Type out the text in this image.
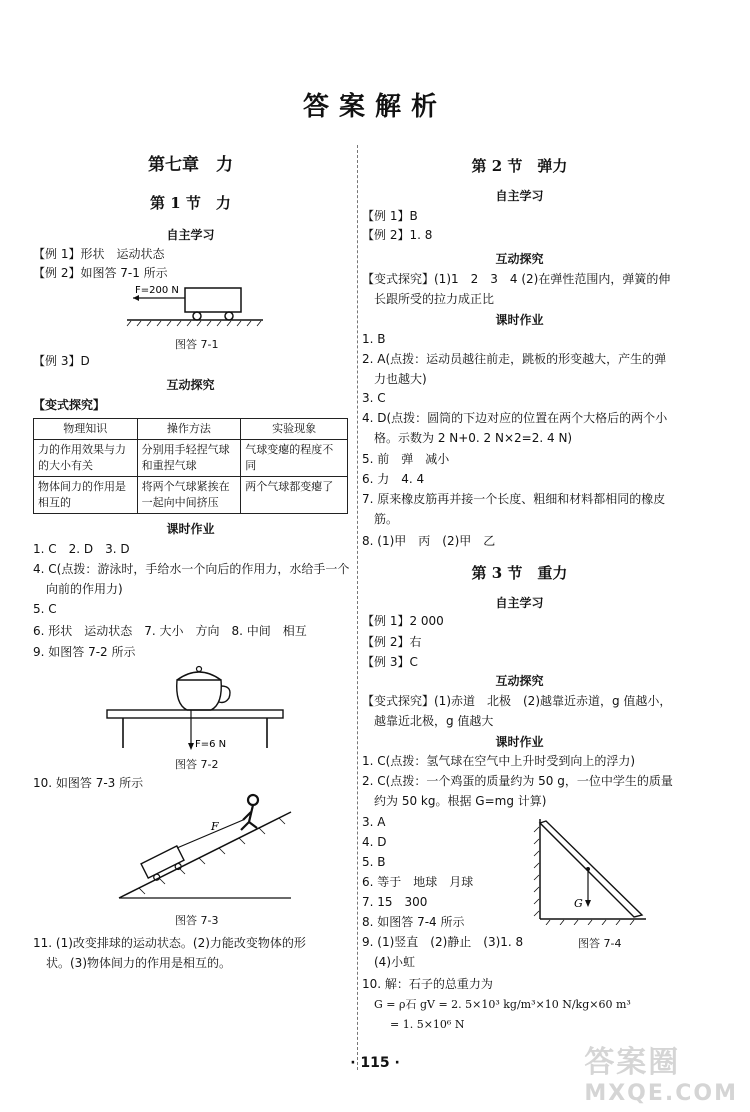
答案解析
第七章　力
第 1 节　力
自主学习
【例 1】形状　运动状态
【例 2】如图答 7-1 所示
F=200 N
图答 7-1
【例 3】D
互动探究
【变式探究】
物理知识	操作方法	实验现象
力的作用效果与力的大小有关	分别用手轻捏气球和重捏气球	气球变瘪的程度不同
物体间力的作用是相互的	将两个气球紧挨在一起向中间挤压	两个气球都变瘪了
课时作业
1. C　2. D　3. D
4. C(点拨：游泳时，手给水一个向后的作用力，水给手一个
向前的作用力)
5. C
6. 形状　运动状态　7. 大小　方向　8. 中间　相互
9. 如图答 7-2 所示
F=6 N
图答 7-2
10. 如图答 7-3 所示
F
图答 7-3
11. (1)改变排球的运动状态。(2)力能改变物体的形
状。(3)物体间力的作用是相互的。
第 2 节　弹力
自主学习
【例 1】B
【例 2】1. 8
互动探究
【变式探究】(1)1　2　3　4 (2)在弹性范围内，弹簧的伸
长跟所受的拉力成正比
课时作业
1. B
2. A(点拨：运动员越往前走，跳板的形变越大，产生的弹
力也越大)
3. C
4. D(点拨：圆筒的下边对应的位置在两个大格后的两个小
格。示数为 2 N+0. 2 N×2=2. 4 N)
5. 前　弹　减小
6. 力　4. 4
7. 原来橡皮筋再并接一个长度、粗细和材料都相同的橡皮
筋。
8. (1)甲　丙　(2)甲　乙
第 3 节　重力
自主学习
【例 1】2 000
【例 2】右
【例 3】C
互动探究
【变式探究】(1)赤道　北极　(2)越靠近赤道，g 值越小，
越靠近北极，g 值越大
课时作业
1. C(点拨：氢气球在空气中上升时受到向上的浮力)
2. C(点拨：一个鸡蛋的质量约为 50 g，一位中学生的质量
约为 50 kg。根据 G=mg 计算)
3. A
4. D
5. B
6. 等于　地球　月球
7. 15　300
8. 如图答 7-4 所示
9. (1)竖直　(2)静止　(3)1. 8
(4)小虹
G
图答 7-4
10. 解：石子的总重力为
G = ρ石 gV = 2. 5×10³ kg/m³×10 N/kg×60 m³
= 1. 5×10⁶ N
· 115 ·	答案圈
MXQE.COM
